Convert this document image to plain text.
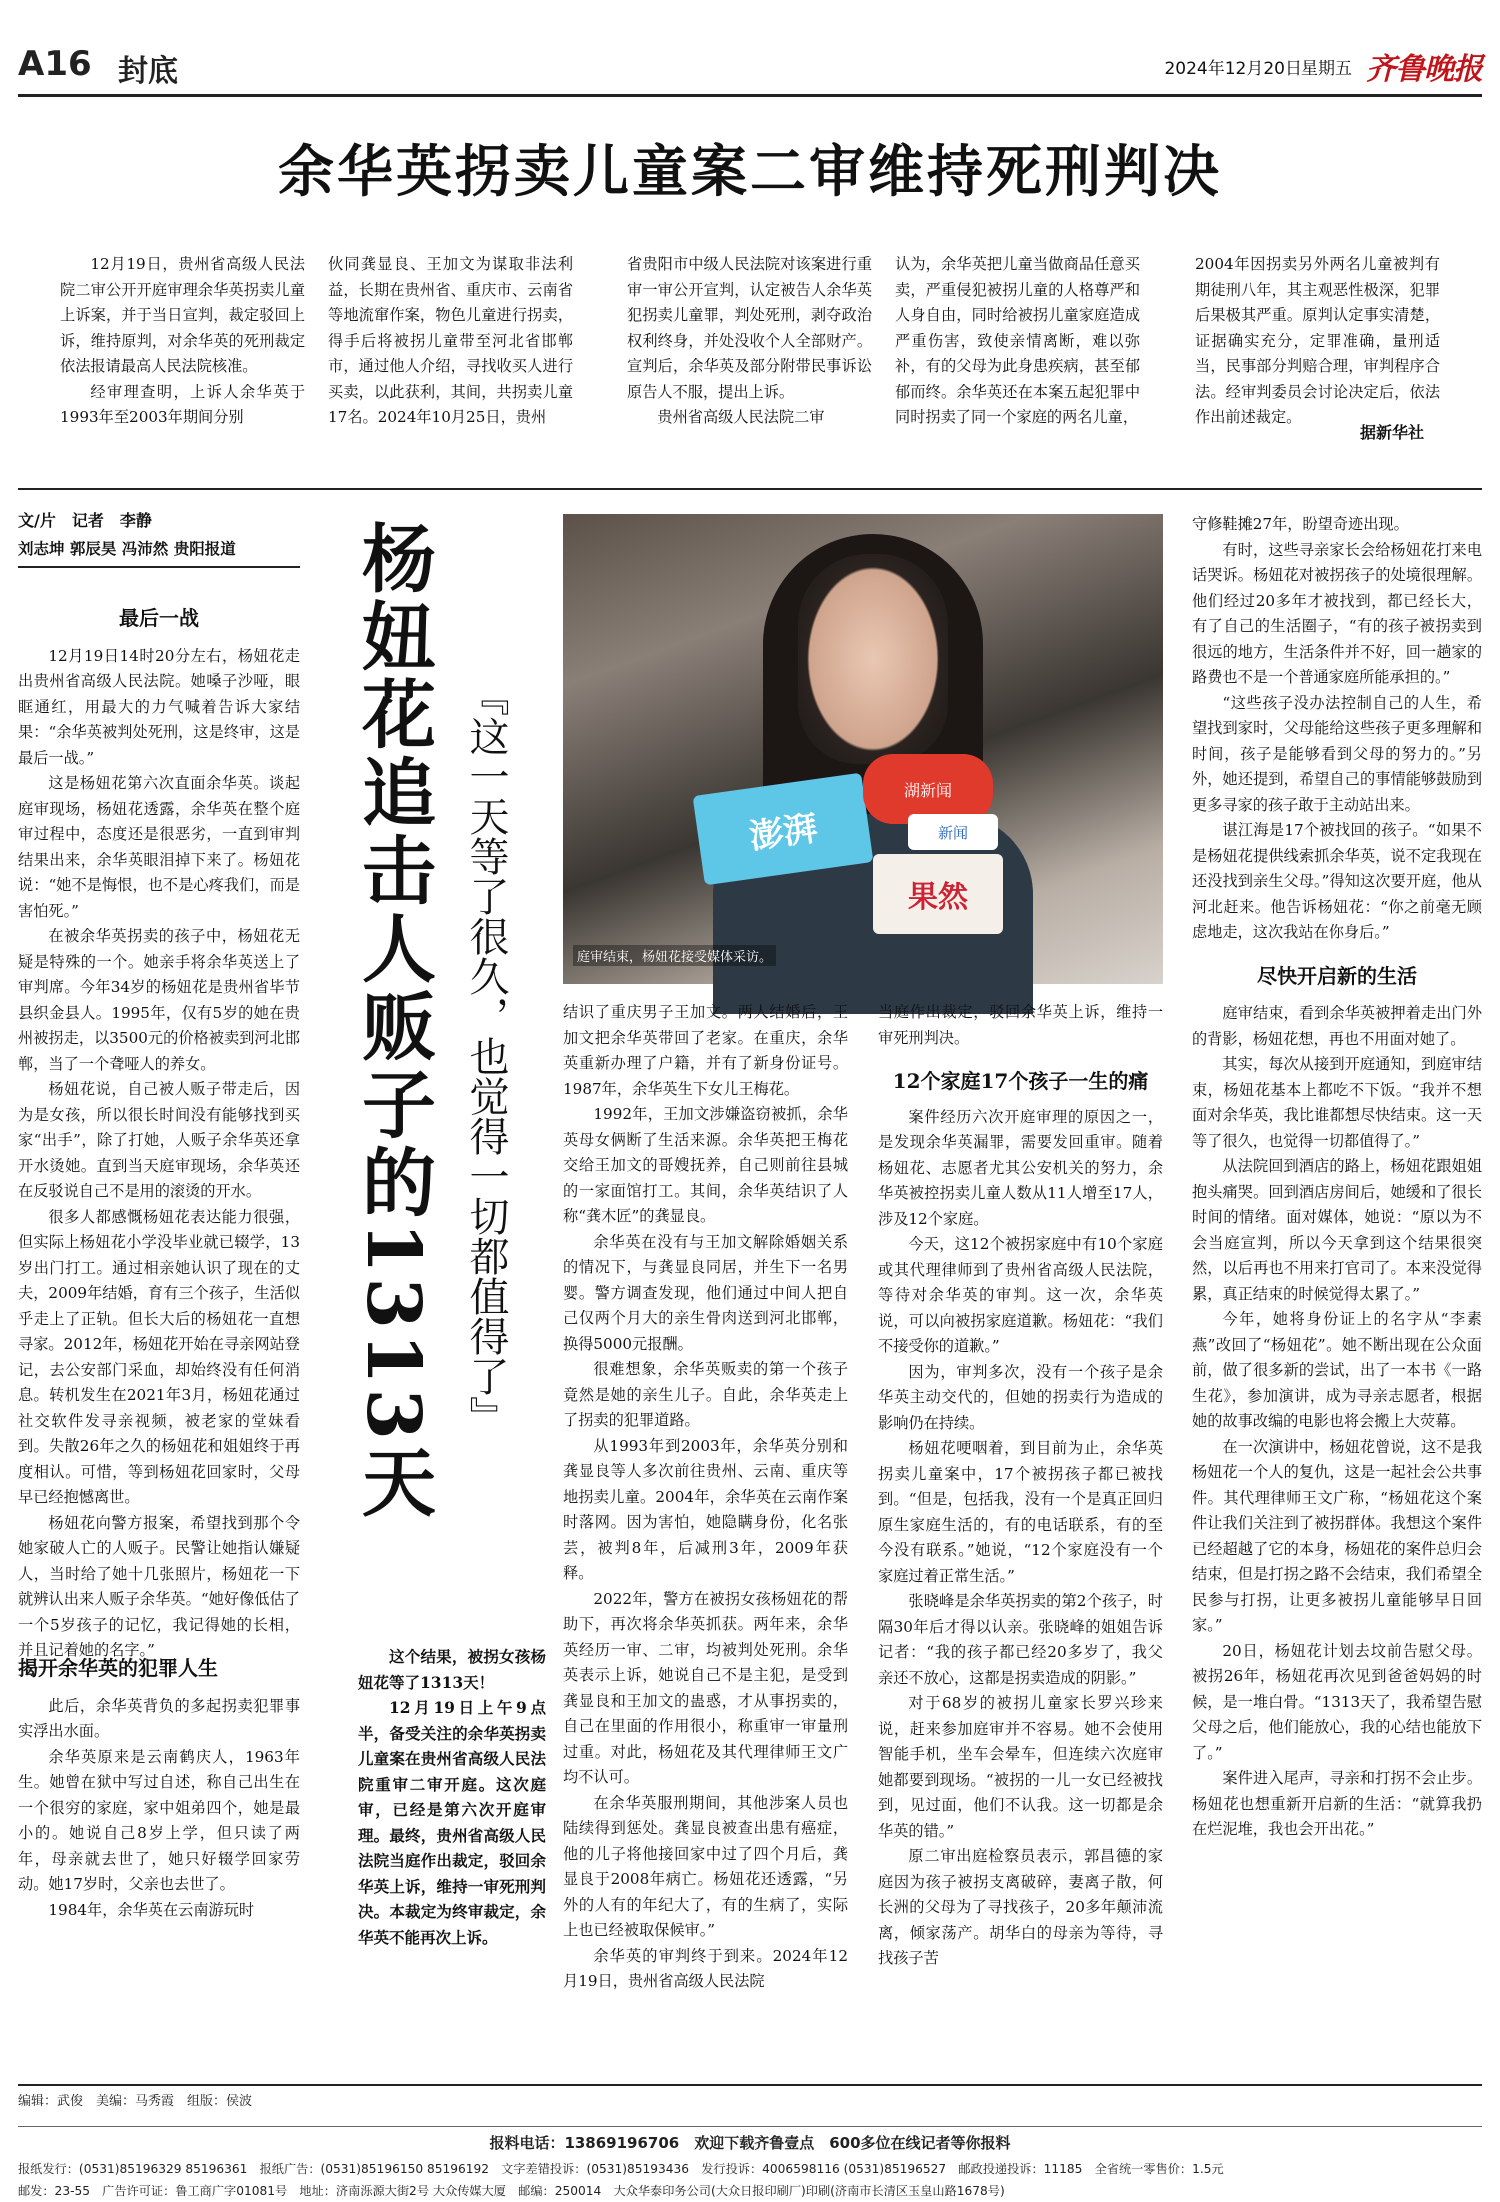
A16 封底	2024年12月20日 星期五 齐鲁晚报
余华英拐卖儿童案二审维持死刑判决

12月19日，贵州省高级人民法院二审公开开庭审理余华英拐卖儿童上诉案，并于当日宣判，裁定驳回上诉，维持原判，对余华英的死刑裁定依法报请最高人民法院核准。

经审理查明，上诉人余华英于1993年至2003年期间分别

伙同龚显良、王加文为谋取非法利益，长期在贵州省、重庆市、云南省等地流窜作案，物色儿童进行拐卖，得手后将被拐儿童带至河北省邯郸市，通过他人介绍，寻找收买人进行买卖，以此获利，其间，共拐卖儿童17名。2024年10月25日，贵州

省贵阳市中级人民法院对该案进行重审一审公开宣判，认定被告人余华英犯拐卖儿童罪，判处死刑，剥夺政治权利终身，并处没收个人全部财产。宣判后，余华英及部分附带民事诉讼原告人不服，提出上诉。

贵州省高级人民法院二审

认为，余华英把儿童当做商品任意买卖，严重侵犯被拐儿童的人格尊严和人身自由，同时给被拐儿童家庭造成严重伤害，致使亲情离断，难以弥补，有的父母为此身患疾病，甚至郁郁而终。余华英还在本案五起犯罪中同时拐卖了同一个家庭的两名儿童，

2004年因拐卖另外两名儿童被判有期徒刑八年，其主观恶性极深，犯罪后果极其严重。原判认定事实清楚，证据确实充分，定罪准确，量刑适当，民事部分判赔合理，审判程序合法。经审判委员会讨论决定后，依法作出前述裁定。

据新华社
文/片　记者　李静
刘志坤 郭辰昊 冯沛然 贵阳报道

最后一战

12月19日14时20分左右，杨妞花走出贵州省高级人民法院。她嗓子沙哑，眼眶通红，用最大的力气喊着告诉大家结果：“余华英被判处死刑，这是终审，这是最后一战。”

这是杨妞花第六次直面余华英。谈起庭审现场，杨妞花透露，余华英在整个庭审过程中，态度还是很恶劣，一直到审判结果出来，余华英眼泪掉下来了。杨妞花说：“她不是悔恨，也不是心疼我们，而是害怕死。”

在被余华英拐卖的孩子中，杨妞花无疑是特殊的一个。她亲手将余华英送上了审判席。今年34岁的杨妞花是贵州省毕节县织金县人。1995年，仅有5岁的她在贵州被拐走，以3500元的价格被卖到河北邯郸，当了一个聋哑人的养女。

杨妞花说，自己被人贩子带走后，因为是女孩，所以很长时间没有能够找到买家“出手”，除了打她，人贩子余华英还拿开水烫她。直到当天庭审现场，余华英还在反驳说自己不是用的滚烫的开水。

很多人都感慨杨妞花表达能力很强，但实际上杨妞花小学没毕业就已辍学，13岁出门打工。通过相亲她认识了现在的丈夫，2009年结婚，育有三个孩子，生活似乎走上了正轨。但长大后的杨妞花一直想寻家。2012年，杨妞花开始在寻亲网站登记，去公安部门采血，却始终没有任何消息。转机发生在2021年3月，杨妞花通过社交软件发寻亲视频，被老家的堂妹看到。失散26年之久的杨妞花和姐姐终于再度相认。可惜，等到杨妞花回家时，父母早已经抱憾离世。

杨妞花向警方报案，希望找到那个令她家破人亡的人贩子。民警让她指认嫌疑人，当时给了她十几张照片，杨妞花一下就辨认出来人贩子余华英。“她好像低估了一个5岁孩子的记忆，我记得她的长相，并且记着她的名字。”

揭开余华英的犯罪人生

此后，余华英背负的多起拐卖犯罪事实浮出水面。

余华英原来是云南鹤庆人，1963年生。她曾在狱中写过自述，称自己出生在一个很穷的家庭，家中姐弟四个，她是最小的。她说自己8岁上学，但只读了两年，母亲就去世了，她只好辍学回家劳动。她17岁时，父亲也去世了。

1984年，余华英在云南游玩时

杨妞花追击人贩子的1313天 『这一天等了很久，也觉得一切都值得了』

这个结果，被拐女孩杨妞花等了1313天！

12月19日上午9点半，备受关注的余华英拐卖儿童案在贵州省高级人民法院重审二审开庭。这次庭审，已经是第六次开庭审理。最终，贵州省高级人民法院当庭作出裁定，驳回余华英上诉，维持一审死刑判决。本裁定为终审裁定，余华英不能再次上诉。

澎湃
湖新闻
新闻
果然
庭审结束，杨妞花接受媒体采访。

结识了重庆男子王加文。两人结婚后，王加文把余华英带回了老家。在重庆，余华英重新办理了户籍，并有了新身份证号。1987年，余华英生下女儿王梅花。

1992年，王加文涉嫌盗窃被抓，余华英母女俩断了生活来源。余华英把王梅花交给王加文的哥嫂抚养，自己则前往县城的一家面馆打工。其间，余华英结识了人称“龚木匠”的龚显良。

余华英在没有与王加文解除婚姻关系的情况下，与龚显良同居，并生下一名男婴。警方调查发现，他们通过中间人把自己仅两个月大的亲生骨肉送到河北邯郸，换得5000元报酬。

很难想象，余华英贩卖的第一个孩子竟然是她的亲生儿子。自此，余华英走上了拐卖的犯罪道路。

从1993年到2003年，余华英分别和龚显良等人多次前往贵州、云南、重庆等地拐卖儿童。2004年，余华英在云南作案时落网。因为害怕，她隐瞒身份，化名张芸，被判8年，后减刑3年，2009年获释。

2022年，警方在被拐女孩杨妞花的帮助下，再次将余华英抓获。两年来，余华英经历一审、二审，均被判处死刑。余华英表示上诉，她说自己不是主犯，是受到龚显良和王加文的蛊惑，才从事拐卖的，自己在里面的作用很小，称重审一审量刑过重。对此，杨妞花及其代理律师王文广均不认可。

在余华英服刑期间，其他涉案人员也陆续得到惩处。龚显良被查出患有癌症，他的儿子将他接回家中过了四个月后，龚显良于2008年病亡。杨妞花还透露，“另外的人有的年纪大了，有的生病了，实际上也已经被取保候审。”

余华英的审判终于到来。2024年12月19日，贵州省高级人民法院

当庭作出裁定，驳回余华英上诉，维持一审死刑判决。

12个家庭17个孩子一生的痛

案件经历六次开庭审理的原因之一，是发现余华英漏罪，需要发回重审。随着杨妞花、志愿者尤其公安机关的努力，余华英被控拐卖儿童人数从11人增至17人，涉及12个家庭。

今天，这12个被拐家庭中有10个家庭或其代理律师到了贵州省高级人民法院，等待对余华英的审判。这一次，余华英说，可以向被拐家庭道歉。杨妞花：“我们不接受你的道歉。”

因为，审判多次，没有一个孩子是余华英主动交代的，但她的拐卖行为造成的影响仍在持续。

杨妞花哽咽着，到目前为止，余华英拐卖儿童案中，17个被拐孩子都已被找到。“但是，包括我，没有一个是真正回归原生家庭生活的，有的电话联系，有的至今没有联系。”她说，“12个家庭没有一个家庭过着正常生活。”

张晓峰是余华英拐卖的第2个孩子，时隔30年后才得以认亲。张晓峰的姐姐告诉记者：“我的孩子都已经20多岁了，我父亲还不放心，这都是拐卖造成的阴影。”

对于68岁的被拐儿童家长罗兴珍来说，赶来参加庭审并不容易。她不会使用智能手机，坐车会晕车，但连续六次庭审她都要到现场。“被拐的一儿一女已经被找到，见过面，他们不认我。这一切都是余华英的错。”

原二审出庭检察员表示，郭昌德的家庭因为孩子被拐支离破碎，妻离子散，何长洲的父母为了寻找孩子，20多年颠沛流离，倾家荡产。胡华白的母亲为等待，寻找孩子苦

守修鞋摊27年，盼望奇迹出现。

有时，这些寻亲家长会给杨妞花打来电话哭诉。杨妞花对被拐孩子的处境很理解。他们经过20多年才被找到，都已经长大，有了自己的生活圈子，“有的孩子被拐卖到很远的地方，生活条件并不好，回一趟家的路费也不是一个普通家庭所能承担的。”

“这些孩子没办法控制自己的人生，希望找到家时，父母能给这些孩子更多理解和时间，孩子是能够看到父母的努力的。”另外，她还提到，希望自己的事情能够鼓励到更多寻家的孩子敢于主动站出来。

谌江海是17个被找回的孩子。“如果不是杨妞花提供线索抓余华英，说不定我现在还没找到亲生父母。”得知这次要开庭，他从河北赶来。他告诉杨妞花：“你之前毫无顾虑地走，这次我站在你身后。”

尽快开启新的生活

庭审结束，看到余华英被押着走出门外的背影，杨妞花想，再也不用面对她了。

其实，每次从接到开庭通知，到庭审结束，杨妞花基本上都吃不下饭。“我并不想面对余华英，我比谁都想尽快结束。这一天等了很久，也觉得一切都值得了。”

从法院回到酒店的路上，杨妞花跟姐姐抱头痛哭。回到酒店房间后，她缓和了很长时间的情绪。面对媒体，她说：“原以为不会当庭宣判，所以今天拿到这个结果很突然，以后再也不用来打官司了。本来没觉得累，真正结束的时候觉得太累了。”

今年，她将身份证上的名字从“李素燕”改回了“杨妞花”。她不断出现在公众面前，做了很多新的尝试，出了一本书《一路生花》，参加演讲，成为寻亲志愿者，根据她的故事改编的电影也将会搬上大荧幕。

在一次演讲中，杨妞花曾说，这不是我杨妞花一个人的复仇，这是一起社会公共事件。其代理律师王文广称，“杨妞花这个案件让我们关注到了被拐群体。我想这个案件已经超越了它的本身，杨妞花的案件总归会结束，但是打拐之路不会结束，我们希望全民参与打拐，让更多被拐儿童能够早日回家。”

20日，杨妞花计划去坟前告慰父母。被拐26年，杨妞花再次见到爸爸妈妈的时候，是一堆白骨。“1313天了，我希望告慰父母之后，他们能放心，我的心结也能放下了。”

案件进入尾声，寻亲和打拐不会止步。杨妞花也想重新开启新的生活：“就算我扔在烂泥堆，我也会开出花。”

编辑：武俊　美编：马秀霞　组版：侯波
报料电话：13869196706　欢迎下载齐鲁壹点　600多位在线记者等你报料
报纸发行：(0531)85196329 85196361　报纸广告：(0531)85196150 85196192　文字差错投诉：(0531)85193436　发行投诉：4006598116 (0531)85196527　邮政投递投诉：11185　全省统一零售价：1.5元
邮发：23-55　广告许可证：鲁工商广字01081号　地址：济南泺源大街2号 大众传媒大厦　邮编：250014　大众华泰印务公司(大众日报印刷厂)印刷(济南市长清区玉皇山路1678号)
